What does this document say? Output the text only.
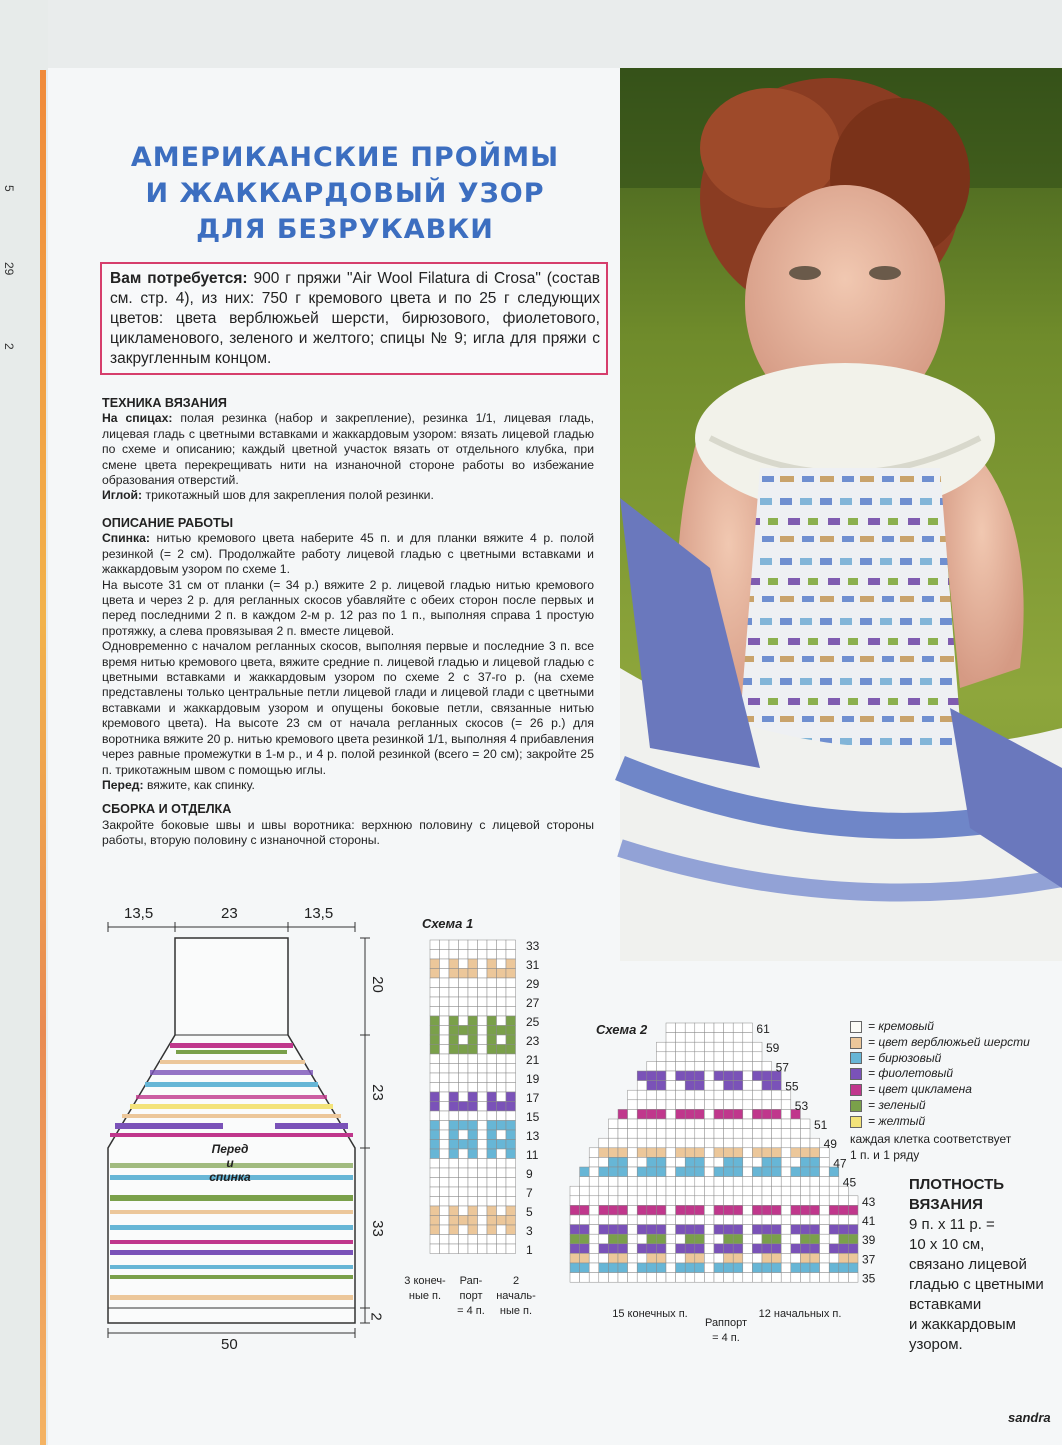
5
29
2
АМЕРИКАНСКИЕ ПРОЙМЫ
И ЖАККАРДОВЫЙ УЗОР
ДЛЯ БЕЗРУКАВКИ
Вам потребуется: 900 г пряжи "Air Wool Filatura di Crosa" (состав см. стр. 4), из них: 750 г кремового цвета и по 25 г следующих цветов: цвета верблюжьей шерсти, бирюзового, фиолетового, цикламенового, зеленого и желтого; спицы № 9; игла для пряжи с закругленным концом.
ТЕХНИКА ВЯЗАНИЯ
На спицах: полая резинка (набор и закрепление), резинка 1/1, лицевая гладь, лицевая гладь с цветными вставками и жаккардовым узором: вязать лицевой гладью по схеме и описанию; каждый цветной участок вязать от отдельного клубка, при смене цвета перекрещивать нити на изнаночной стороне работы во избежание образования отверстий.
Иглой: трикотажный шов для закрепления полой резинки.
ОПИСАНИЕ РАБОТЫ
Спинка: нитью кремового цвета наберите 45 п. и для планки вяжите 4 р. полой резинкой (= 2 см). Продолжайте работу лицевой гладью с цветными вставками и жаккардовым узором по схеме 1.
На высоте 31 см от планки (= 34 р.) вяжите 2 р. лицевой гладью нитью кремового цвета и через 2 р. для регланных скосов убавляйте с обеих сторон после первых и перед последними 2 п. в каждом 2-м р. 12 раз по 1 п., выполняя справа 1 простую протяжку, а слева провязывая 2 п. вместе лицевой.
Одновременно с началом регланных скосов, выполняя первые и последние 3 п. все время нитью кремового цвета, вяжите средние п. лицевой гладью и лицевой гладью с цветными вставками и жаккардовым узором по схеме 2 с 37-го р. (на схеме представлены только центральные петли лицевой глади и лицевой глади с цветными вставками и жаккардовым узором и опущены боковые петли, связанные нитью кремового цвета). На высоте 23 см от начала регланных скосов (= 26 р.) для воротника вяжите 20 р. нитью кремового цвета резинкой 1/1, выполняя 4 прибавления через равные промежутки в 1-м р., и 4 р. полой резинкой (всего = 20 см); закройте 25 п. трикотажным швом с помощью иглы.
Перед: вяжите, как спинку.
СБОРКА И ОТДЕЛКА
Закройте боковые швы и швы воротника: верхнюю половину с лицевой стороны работы, вторую половину с изнаночной стороны.
13,5	23	13,5
20
23
33
2
50
Перед
и
спинка
Схема 1
33
31
29
27
25
23
21
19
17
15
13
11
9
7
5
3
1
3 конеч-
ные п.
Рап-
порт
= 4 п.
2 началь-
ные п.
Схема 2	61
59
57
55
53
51
49
47
45
43
41
39
37
35
15 конечных п.
Раппорт
= 4 п.
12 начальных п.
= кремовый
= цвет верблюжьей шерсти
= бирюзовый
= фиолетовый
= цвет цикламена
= зеленый
= желтый
каждая клетка соответствует
1 п. и 1 ряду
ПЛОТНОСТЬ
ВЯЗАНИЯ
9 п. х 11 р. =
10 х 10 см,
связано лицевой
гладью с цветными
вставками
и жаккардовым
узором.
sandra
